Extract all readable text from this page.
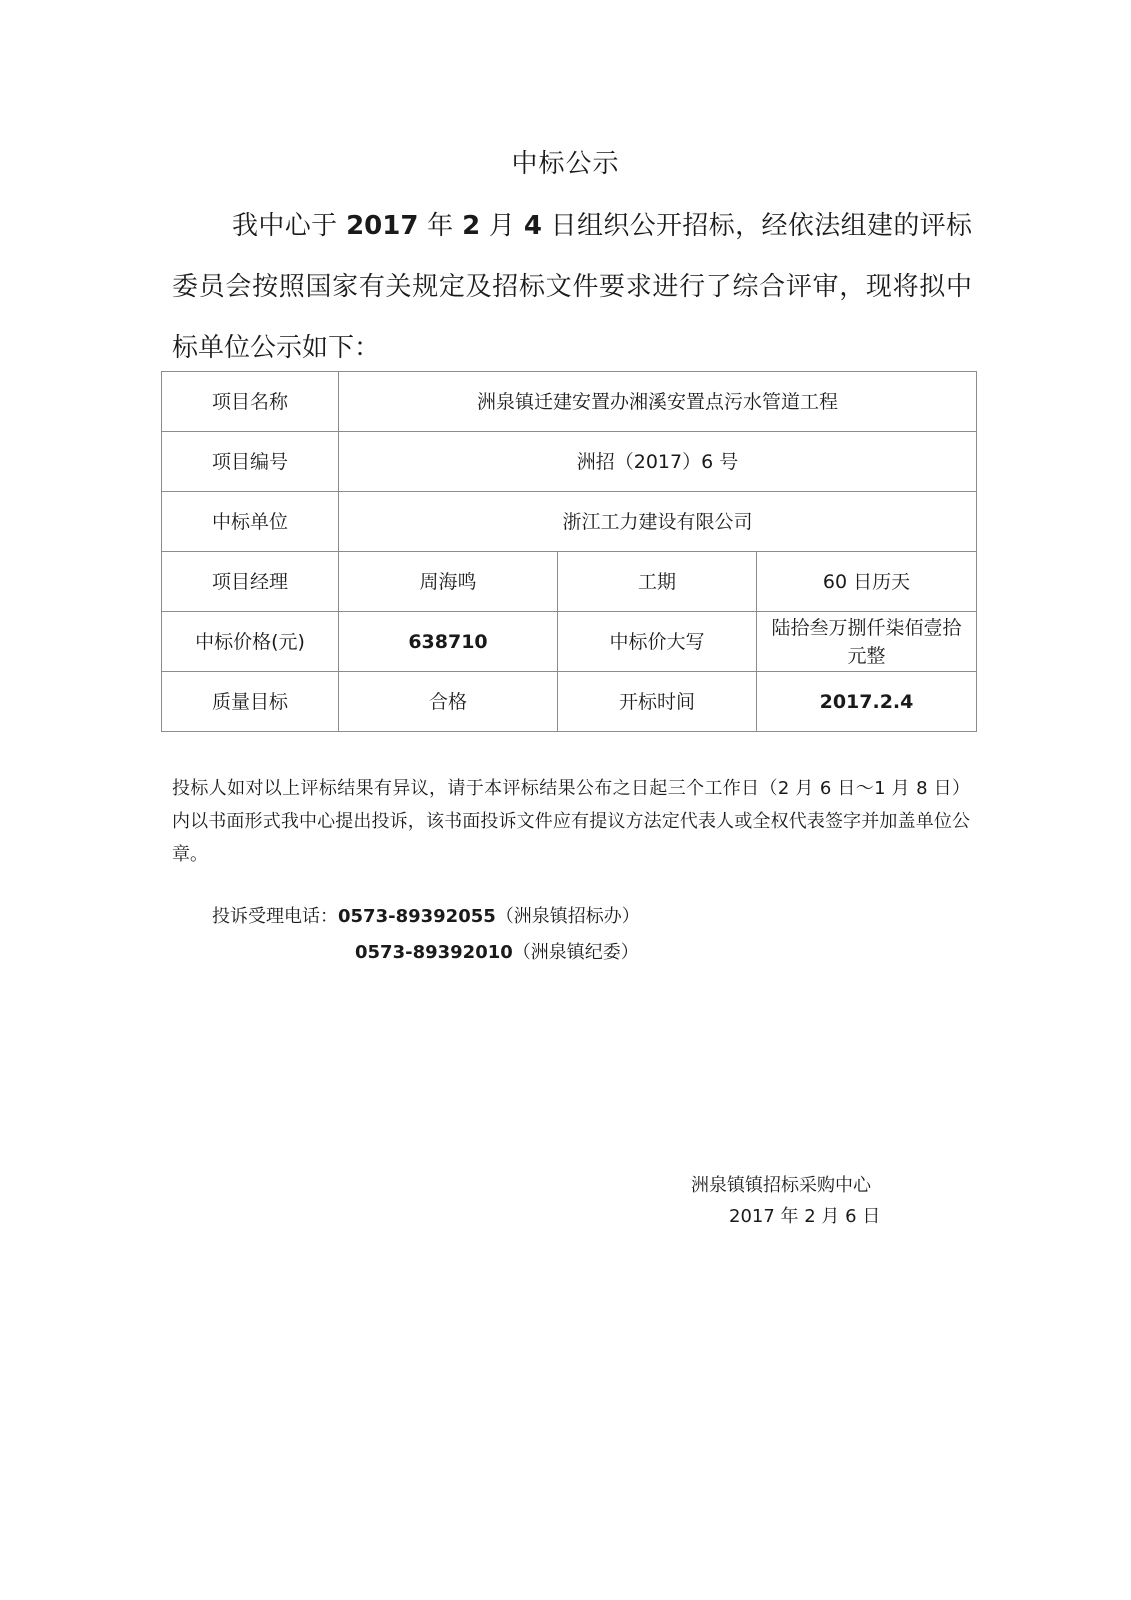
中标公示

我中心于 2017 年 2 月 4 日组织公开招标，经依法组建的评标委员会按照国家有关规定及招标文件要求进行了综合评审，现将拟中标单位公示如下：

项目名称	洲泉镇迁建安置办湘溪安置点污水管道工程		
项目编号	洲招（2017）6 号		
中标单位	浙江工力建设有限公司		
项目经理	周海鸣	工期	60 日历天
中标价格(元)	638710	中标价大写	陆拾叁万捌仟柒佰壹拾元整
质量目标	合格	开标时间	2017.2.4

投标人如对以上评标结果有异议，请于本评标结果公布之日起三个工作日（2 月 6 日～1 月 8 日）内以书面形式我中心提出投诉，该书面投诉文件应有提议方法定代表人或全权代表签字并加盖单位公章。

投诉受理电话：0573-89392055（洲泉镇招标办）
0573-89392010（洲泉镇纪委）
洲泉镇镇招标采购中心
2017 年 2 月 6 日
